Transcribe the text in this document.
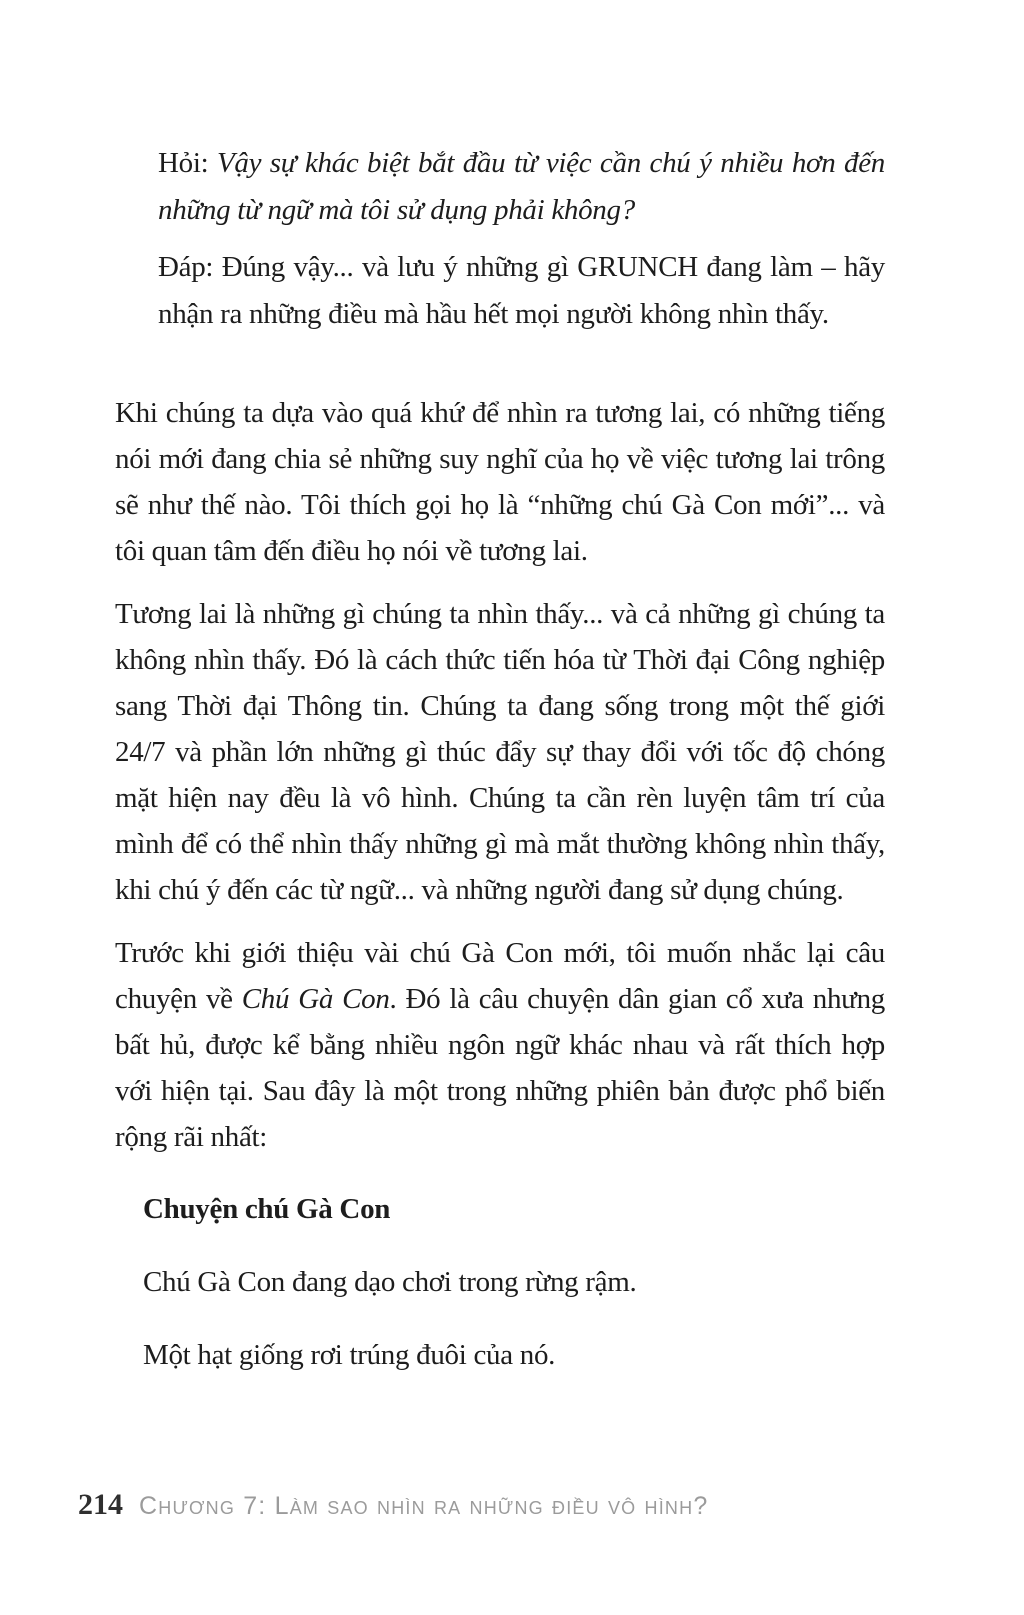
Hỏi: Vậy sự khác biệt bắt đầu từ việc cần chú ý nhiều hơn đến những từ ngữ mà tôi sử dụng phải không?

Đáp: Đúng vậy... và lưu ý những gì GRUNCH đang làm – hãy nhận ra những điều mà hầu hết mọi người không nhìn thấy.

Khi chúng ta dựa vào quá khứ để nhìn ra tương lai, có những tiếng nói mới đang chia sẻ những suy nghĩ của họ về việc tương lai trông sẽ như thế nào. Tôi thích gọi họ là “những chú Gà Con mới”... và tôi quan tâm đến điều họ nói về tương lai.

Tương lai là những gì chúng ta nhìn thấy... và cả những gì chúng ta không nhìn thấy. Đó là cách thức tiến hóa từ Thời đại Công nghiệp sang Thời đại Thông tin. Chúng ta đang sống trong một thế giới 24/7 và phần lớn những gì thúc đẩy sự thay đổi với tốc độ chóng mặt hiện nay đều là vô hình. Chúng ta cần rèn luyện tâm trí của mình để có thể nhìn thấy những gì mà mắt thường không nhìn thấy, khi chú ý đến các từ ngữ... và những người đang sử dụng chúng.

Trước khi giới thiệu vài chú Gà Con mới, tôi muốn nhắc lại câu chuyện về Chú Gà Con. Đó là câu chuyện dân gian cổ xưa nhưng bất hủ, được kể bằng nhiều ngôn ngữ khác nhau và rất thích hợp với hiện tại. Sau đây là một trong những phiên bản được phổ biến rộng rãi nhất:

Chuyện chú Gà Con

Chú Gà Con đang dạo chơi trong rừng rậm.

Một hạt giống rơi trúng đuôi của nó.

214 Chương 7: Làm sao nhìn ra những điều vô hình?
